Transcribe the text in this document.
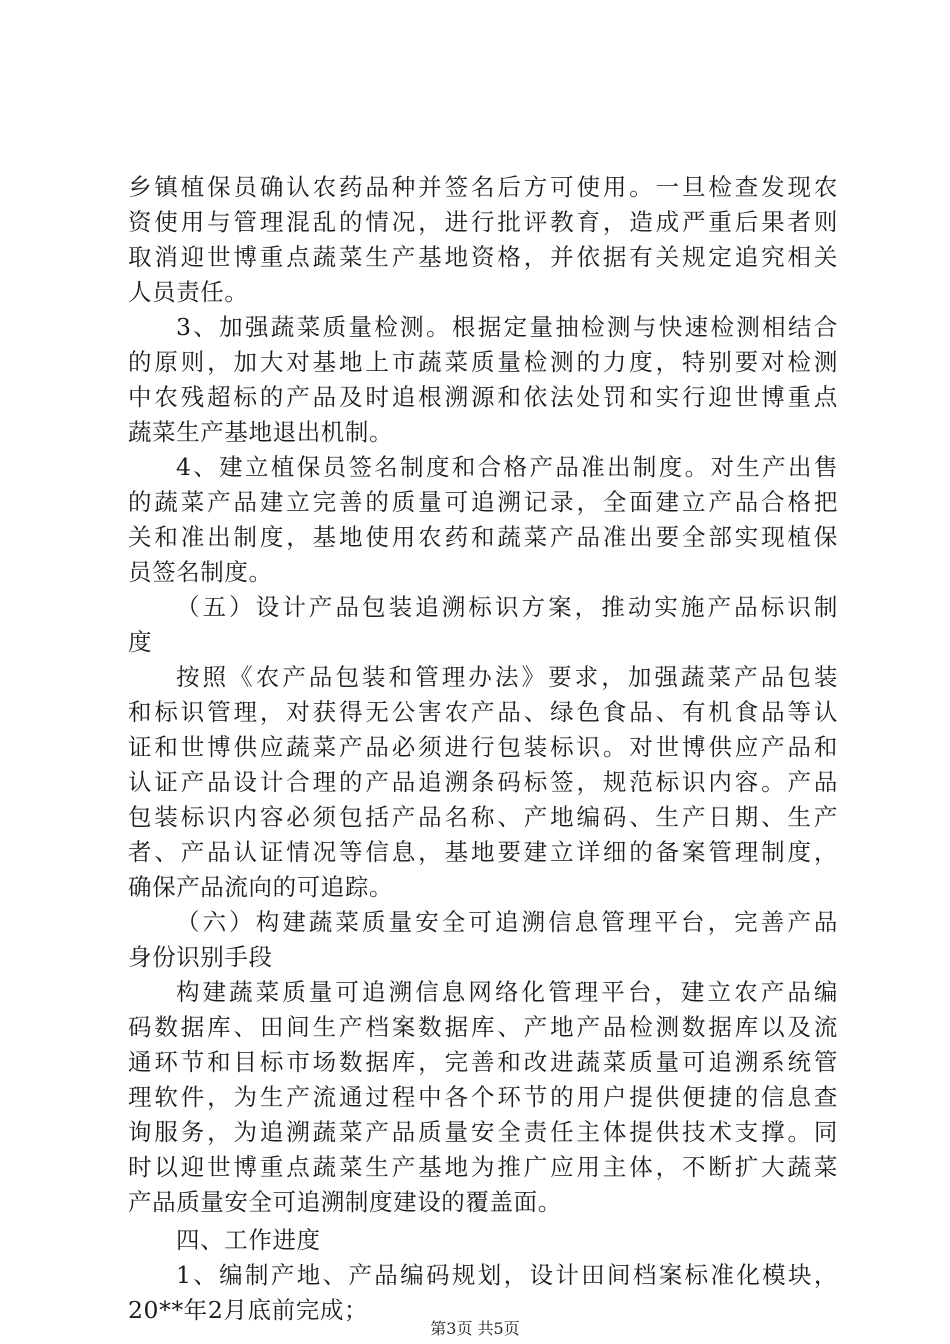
乡镇植保员确认农药品种并签名后方可使用。一旦检查发现农
资使用与管理混乱的情况，进行批评教育，造成严重后果者则
取消迎世博重点蔬菜生产基地资格，并依据有关规定追究相关
人员责任。
3、加强蔬菜质量检测。根据定量抽检测与快速检测相结合
的原则，加大对基地上市蔬菜质量检测的力度，特别要对检测
中农残超标的产品及时追根溯源和依法处罚和实行迎世博重点
蔬菜生产基地退出机制。
4、建立植保员签名制度和合格产品准出制度。对生产出售
的蔬菜产品建立完善的质量可追溯记录，全面建立产品合格把
关和准出制度，基地使用农药和蔬菜产品准出要全部实现植保
员签名制度。
（五）设计产品包装追溯标识方案，推动实施产品标识制
度
按照《农产品包装和管理办法》要求，加强蔬菜产品包装
和标识管理，对获得无公害农产品、绿色食品、有机食品等认
证和世博供应蔬菜产品必须进行包装标识。对世博供应产品和
认证产品设计合理的产品追溯条码标签，规范标识内容。产品
包装标识内容必须包括产品名称、产地编码、生产日期、生产
者、产品认证情况等信息，基地要建立详细的备案管理制度，
确保产品流向的可追踪。
（六）构建蔬菜质量安全可追溯信息管理平台，完善产品
身份识别手段
构建蔬菜质量可追溯信息网络化管理平台，建立农产品编
码数据库、田间生产档案数据库、产地产品检测数据库以及流
通环节和目标市场数据库，完善和改进蔬菜质量可追溯系统管
理软件，为生产流通过程中各个环节的用户提供便捷的信息查
询服务，为追溯蔬菜产品质量安全责任主体提供技术支撑。同
时以迎世博重点蔬菜生产基地为推广应用主体，不断扩大蔬菜
产品质量安全可追溯制度建设的覆盖面。
四、工作进度
1、编制产地、产品编码规划，设计田间档案标准化模块，
20**年2月底前完成；
第3页 共5页
